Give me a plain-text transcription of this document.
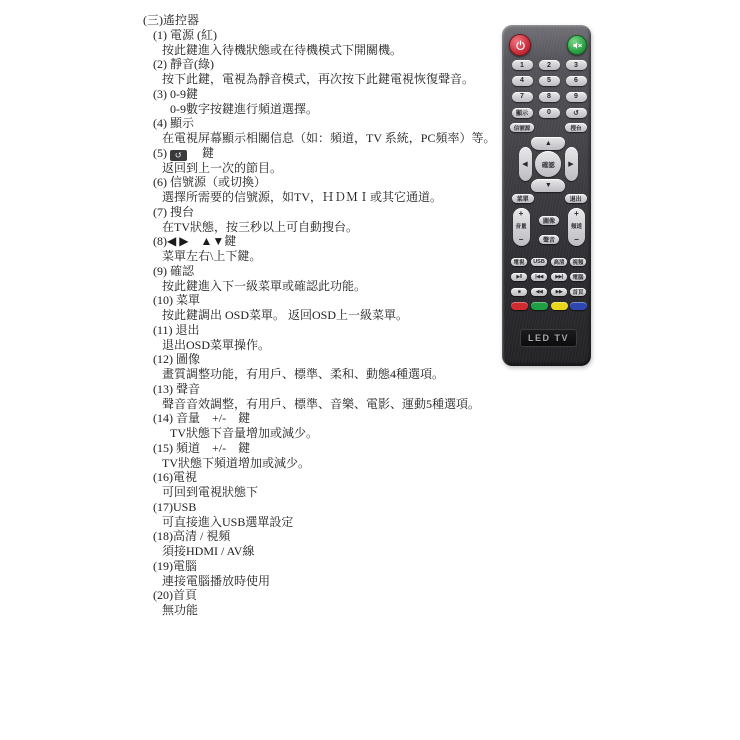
(三)遙控器
(1) 電源 (紅)
按此鍵進入待機狀態或在待機模式下開關機。
(2) 靜音(綠)
按下此鍵，電視為靜音模式，再次按下此鍵電視恢復聲音。
(3) 0-9鍵
0-9數字按鍵進行頻道選擇。
(4) 顯示
在電視屏幕顯示相關信息（如：頻道，TV 系統，PC頻率）等。
(5) ↺　鍵
返回到上一次的節目。
(6) 信號源（或切換）
選擇所需要的信號源，如TV，ＨＤＭＩ或其它通道。
(7) 搜台
在TV狀態，按三秒以上可自動搜台。
(8)◀ ▶　▲▼鍵
菜單左右\上下鍵。
(9) 確認
按此鍵進入下一級菜單或確認此功能。
(10) 菜單
按此鍵調出 OSD菜單。 返回OSD上一級菜單。
(11) 退出
退出OSD菜單操作。
(12) 圖像
畫質調整功能，有用戶、標準、柔和、動態4種選項。
(13) 聲音
聲音音效調整，有用戶、標準、音樂、電影、運動5種選項。
(14) 音量　+/-　鍵
TV狀態下音量增加或減少。
(15) 頻道　+/-　鍵
TV狀態下頻道增加或減少。
(16)電視
可回到電視狀態下
(17)USB
可直接進入USB選單設定
(18)高清 / 視頻
須接HDMI / AV線
(19)電腦
連接電腦播放時使用
(20)首頁
無功能
1	2	3
4	5	6
7	8	9
顯示	0	↺
信號源	搜台
▲
◀	確認	▶
▼
菜單	退出
+
音量
−
圖像
聲音
+
頻道
−
電視	USB	高清	視頻
▶‖	|◀◀	▶▶|	電腦
■	◀◀	▶▶	首頁
LED TV
